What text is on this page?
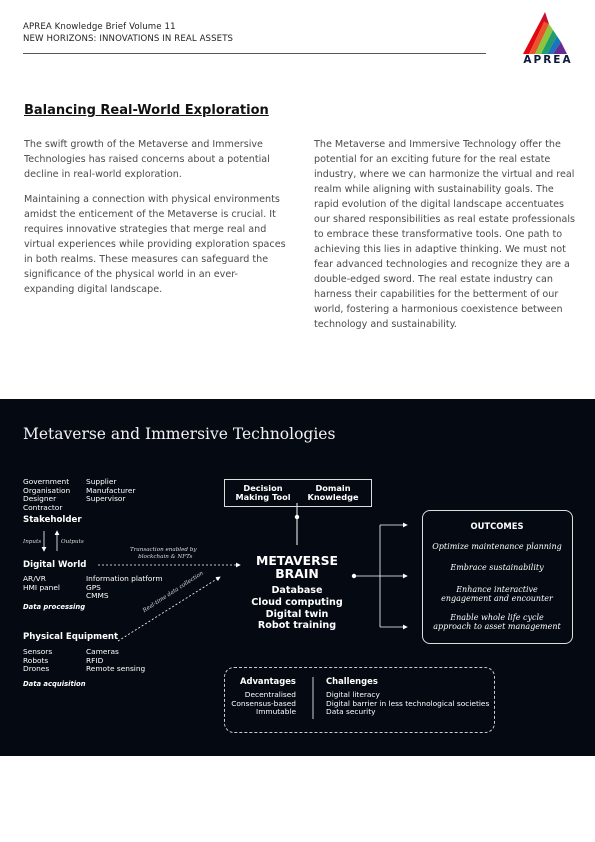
APREA Knowledge Brief Volume 11
NEW HORIZONS: INNOVATIONS IN REAL ASSETS
APREA
Balancing Real-World Exploration

The swift growth of the Metaverse and Immersive Technologies has raised concerns about a potential decline in real-world exploration.

Maintaining a connection with physical environments amidst the enticement of the Metaverse is crucial. It requires innovative strategies that merge real and virtual experiences while providing exploration spaces in both realms. These measures can safeguard the significance of the physical world in an ever-expanding digital landscape.

The Metaverse and Immersive Technology offer the potential for an exciting future for the real estate industry, where we can harmonize the virtual and real realm while aligning with sustainability goals. The rapid evolution of the digital landscape accentuates our shared responsibilities as real estate professionals to embrace these transformative tools. One path to achieving this lies in adaptive thinking. We must not fear advanced technologies and recognize they are a double-edged sword. The real estate industry can harness their capabilities for the betterment of our world, fostering a harmonious coexistence between technology and sustainability.

Metaverse and Immersive Technologies
Government
Organisation
Designer
Contractor
Supplier
Manufacturer
Supervisor
Stakeholder
Inputs	Outputs
Digital World
AR/VR
HMI panel
Information platform
GPS
CMMS
Data processing
Transaction enabled by
blockchain & NFTs
Real-time data collection
Physical Equipment
Sensors
Robots
Drones
Cameras
RFID
Remote sensing
Data acquisition
Decision
Making Tool
Domain
Knowledge
METAVERSE
BRAIN
Database
Cloud computing
Digital twin
Robot training
OUTCOMES
Optimize maintenance planning
Embrace sustainability
Enhance interactive
engagement and encounter
Enable whole life cycle
approach to asset management
Advantages
Decentralised
Consensus-based
Immutable
Challenges
Digital literacy
Digital barrier in less technological societies
Data security
